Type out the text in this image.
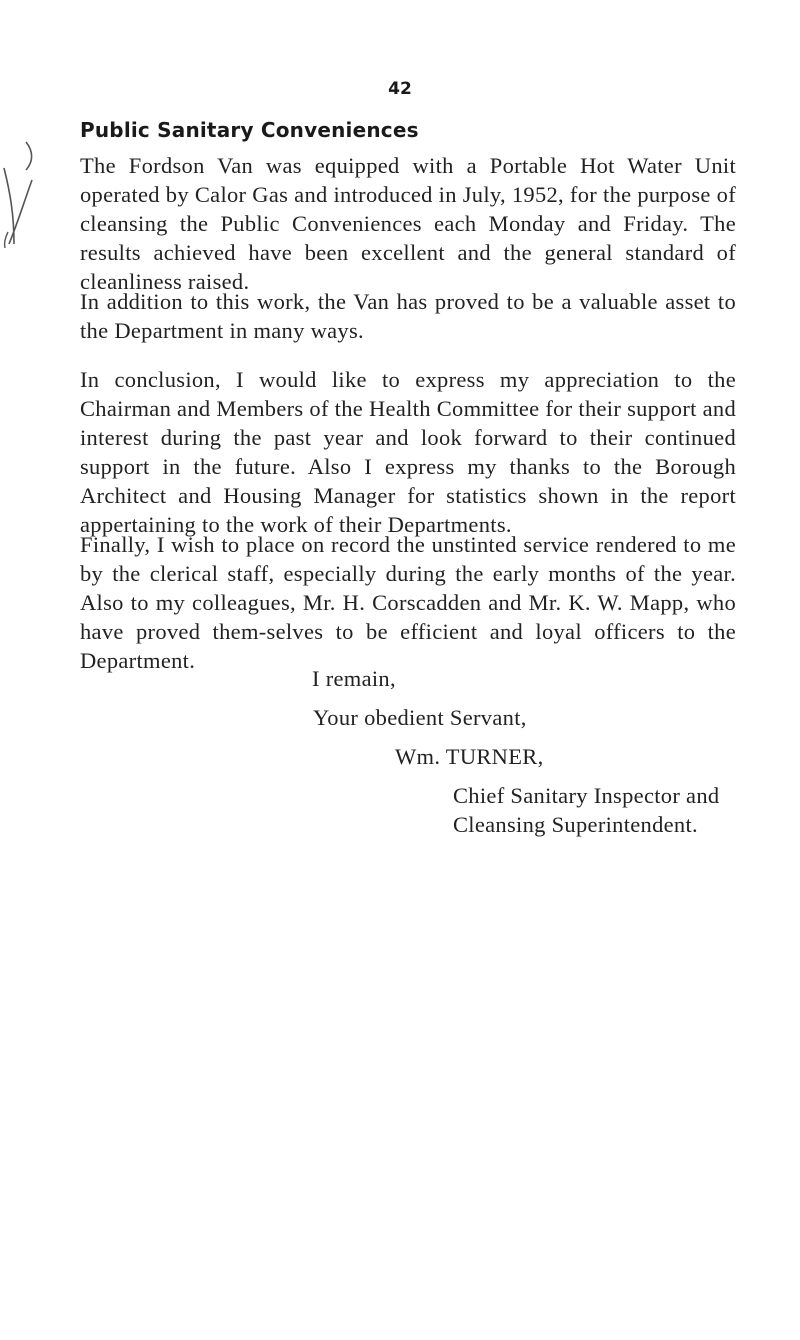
42
Public Sanitary Conveniences

The Fordson Van was equipped with a Portable Hot Water Unit operated by Calor Gas and introduced in July, 1952, for the purpose of cleansing the Public Conveniences each Monday and Friday. The results achieved have been excellent and the general standard of cleanliness raised.

In addition to this work, the Van has proved to be a valuable asset to the Department in many ways.

In conclusion, I would like to express my appreciation to the Chairman and Members of the Health Committee for their support and interest during the past year and look forward to their continued support in the future. Also I express my thanks to the Borough Architect and Housing Manager for statistics shown in the report appertaining to the work of their Departments.

Finally, I wish to place on record the unstinted service rendered to me by the clerical staff, especially during the early months of the year. Also to my colleagues, Mr. H. Corscadden and Mr. K. W. Mapp, who have proved them-selves to be efficient and loyal officers to the Department.

I remain,
Your obedient Servant,
Wm. TURNER,
Chief Sanitary Inspector and
Cleansing Superintendent.
